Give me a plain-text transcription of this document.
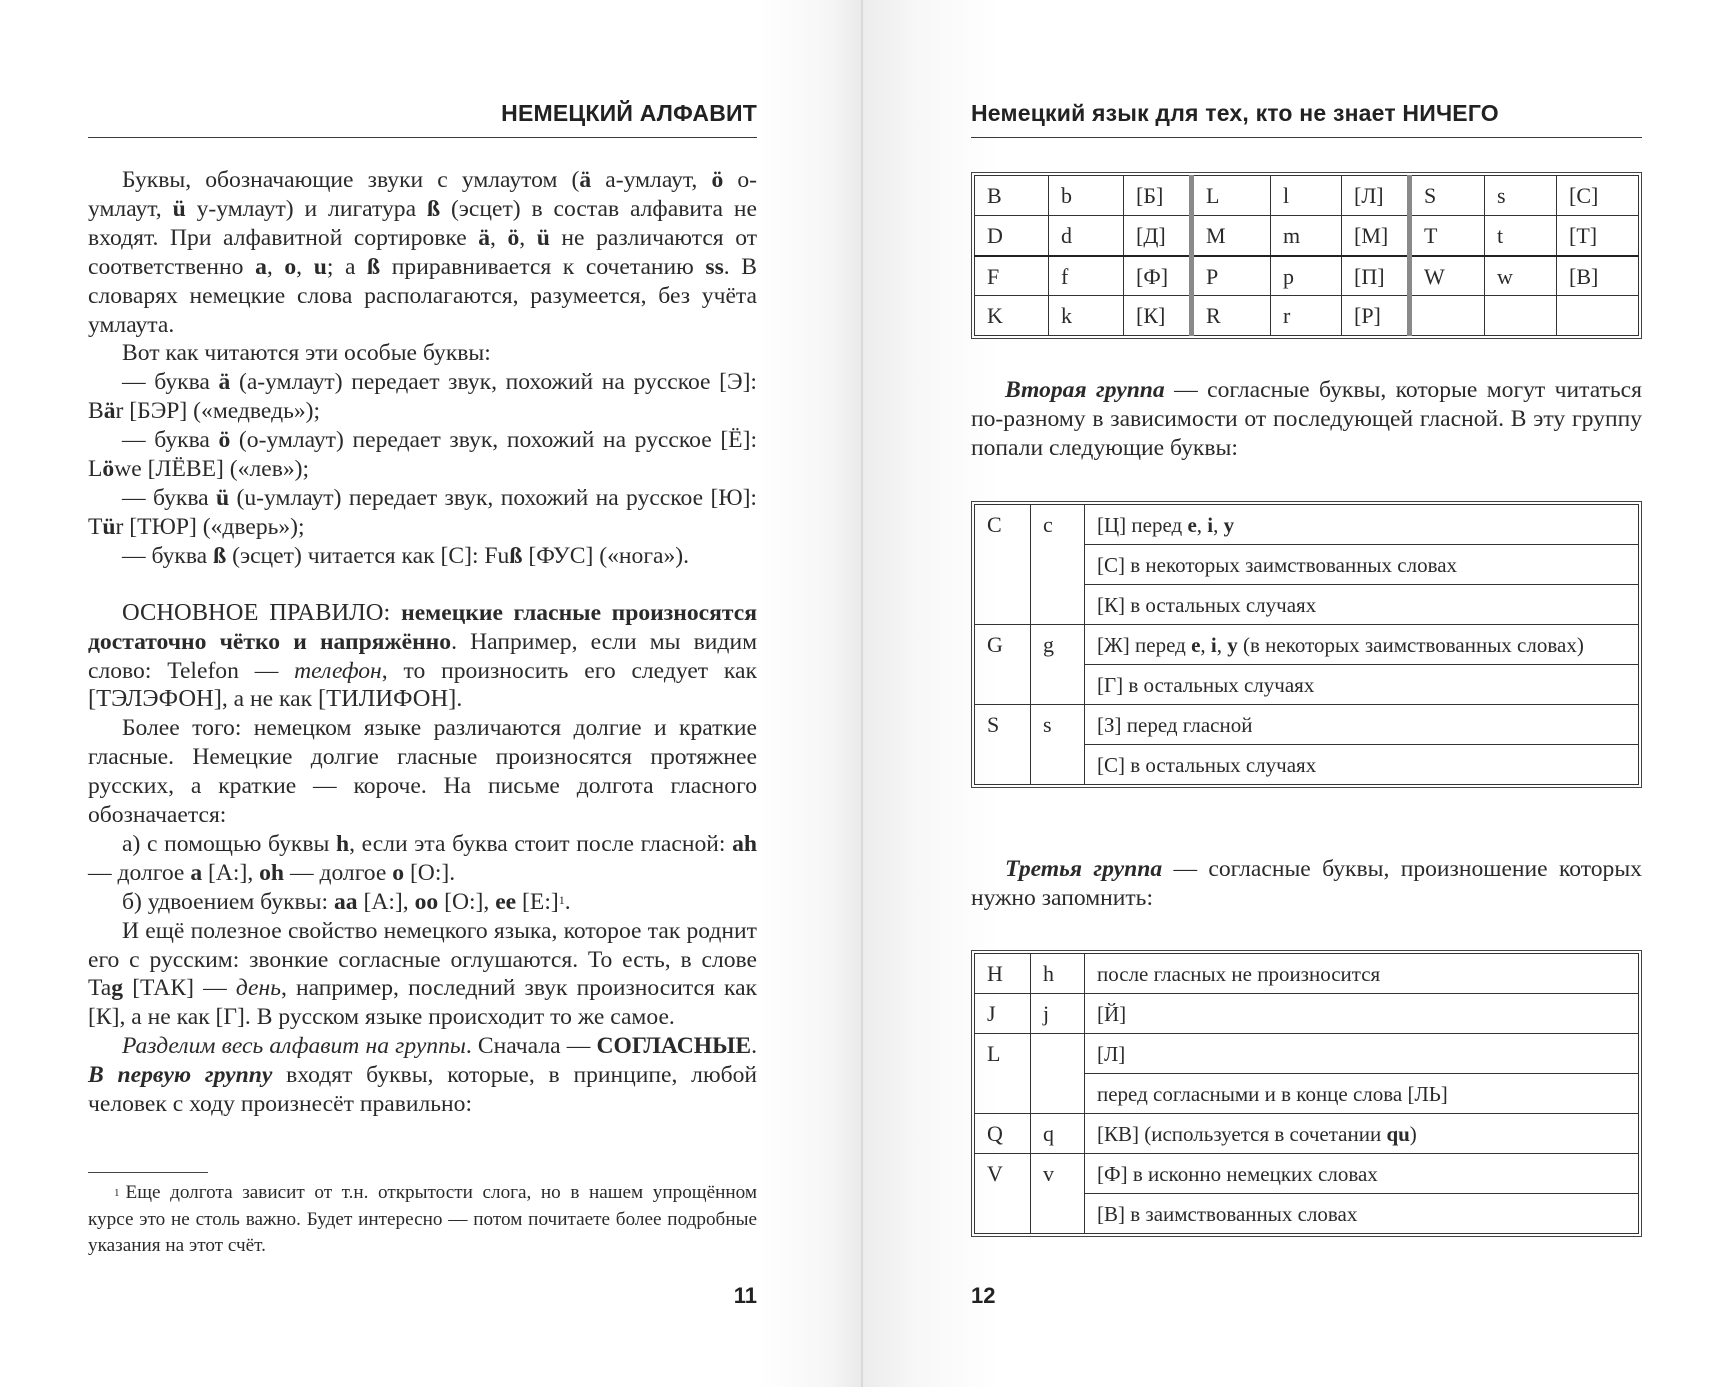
НЕМЕЦКИЙ АЛФАВИТ

Буквы, обозначающие звуки с умлаутом (ä а-умлаут, ö о-умлаут, ü у-умлаут) и лигатура ß (эсцет) в состав алфавита не входят. При алфавитной сортировке ä, ö, ü не различаются от соответственно a, o, u; а ß приравнивается к сочетанию ss. В словарях немецкие слова располагаются, разумеется, без учёта умлаута.

Вот как читаются эти особые буквы:

— буква ä (а-умлаут) передает звук, похожий на русское [Э]: Bär [БЭР] («медведь»);

— буква ö (о-умлаут) передает звук, похожий на русское [Ё]: Löwe [ЛЁВЕ] («лев»);

— буква ü (u-умлаут) передает звук, похожий на русское [Ю]: Tür [ТЮР] («дверь»);

— буква ß (эсцет) читается как [С]: Fuß [ФУС] («нога»).

ОСНОВНОЕ ПРАВИЛО: немецкие гласные произносятся достаточно чётко и напряжённо. Например, если мы видим слово: Telefon — телефон, то произносить его следует как [ТЭЛЭФОН], а не как [ТИЛИФОН].

Более того: немецком языке различаются долгие и краткие гласные. Немецкие долгие гласные произносятся протяжнее русских, а краткие — короче. На письме долгота гласного обозначается:

а) с помощью буквы h, если эта буква стоит после гласной: ah — долгое a [А:], oh — долгое o [О:].

б) удвоением буквы: aa [А:], oo [О:], ee [Е:]$^1$.

И ещё полезное свойство немецкого языка, которое так роднит его с русским: звонкие согласные оглушаются. То есть, в слове Tag [ТАК] — день, например, последний звук произносится как [К], а не как [Г]. В русском языке происходит то же самое.

Разделим весь алфавит на группы. Сначала — СОГЛАСНЫЕ. В первую группу входят буквы, которые, в принципе, любой человек с ходу произнесёт правильно:

$^1$ Еще долгота зависит от т.н. открытости слога, но в нашем упрощённом курсе это не столь важно. Будет интересно — потом почитаете более подробные указания на этот счёт.
11
Немецкий язык для тех, кто не знает НИЧЕГО
B	b	[Б]	L	l	[Л]	S	s	[С]
D	d	[Д]	M	m	[М]	T	t	[Т]
F	f	[Ф]	P	p	[П]	W	w	[В]
K	k	[К]	R	r	[Р]			

Вторая группа — согласные буквы, которые могут читаться по-разному в зависимости от последующей гласной. В эту группу попали следующие буквы:

C	c	[Ц] перед e, i, y
		[С] в некоторых заимствованных словах
		[К] в остальных случаях
G	g	[Ж] перед e, i, y (в некоторых заимствованных словах)
		[Г] в остальных случаях
S	s	[З] перед гласной
		[С] в остальных случаях

Третья группа — согласные буквы, произношение которых нужно запомнить:

H	h	после гласных не произносится
J	j	[Й]
L		[Л]
		перед согласными и в конце слова [ЛЬ]
Q	q	[КВ] (используется в сочетании qu)
V	v	[Ф] в исконно немецких словах
		[В] в заимствованных словах
12
